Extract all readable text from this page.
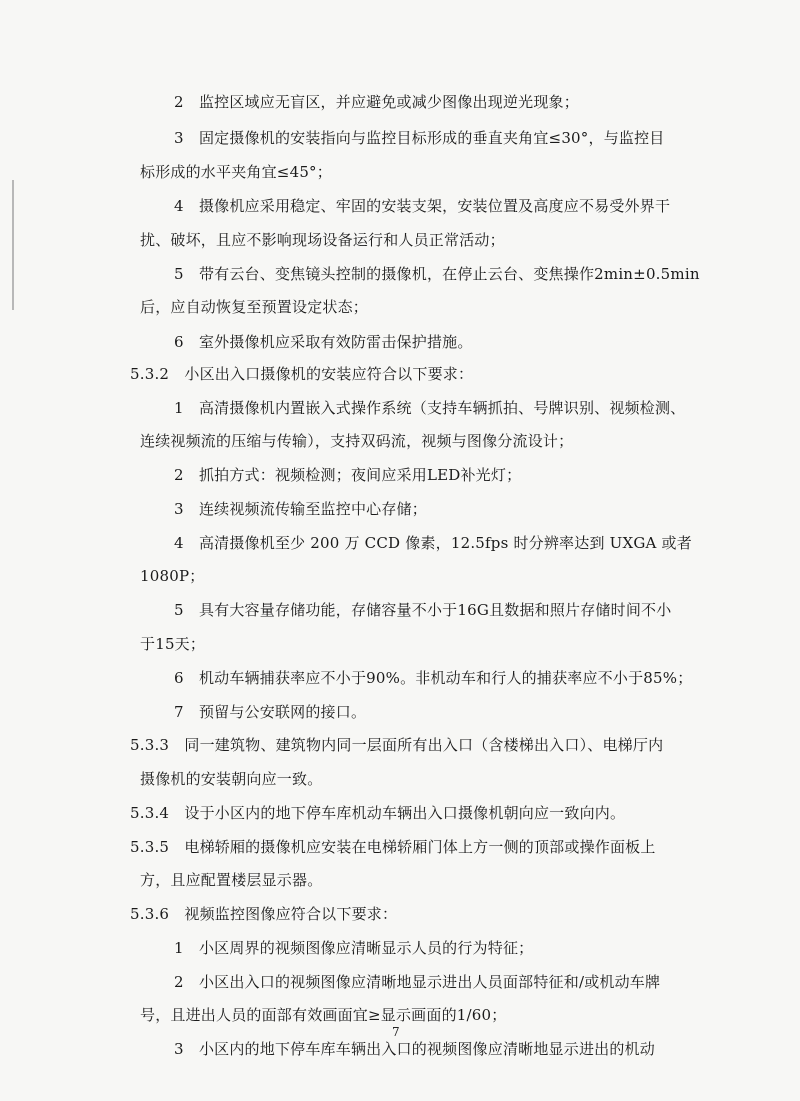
2　监控区域应无盲区，并应避免或减少图像出现逆光现象；
3　固定摄像机的安装指向与监控目标形成的垂直夹角宜≤30°，与监控目
标形成的水平夹角宜≤45°；
4　摄像机应采用稳定、牢固的安装支架，安装位置及高度应不易受外界干
扰、破坏，且应不影响现场设备运行和人员正常活动；
5　带有云台、变焦镜头控制的摄像机，在停止云台、变焦操作2min±0.5min
后，应自动恢复至预置设定状态；
6　室外摄像机应采取有效防雷击保护措施。
5.3.2　小区出入口摄像机的安装应符合以下要求：
1　高清摄像机内置嵌入式操作系统（支持车辆抓拍、号牌识别、视频检测、
连续视频流的压缩与传输），支持双码流，视频与图像分流设计；
2　抓拍方式：视频检测；夜间应采用LED补光灯；
3　连续视频流传输至监控中心存储；
4　高清摄像机至少 200 万 CCD 像素，12.5fps 时分辨率达到 UXGA 或者
1080P；
5　具有大容量存储功能，存储容量不小于16G且数据和照片存储时间不小
于15天；
6　机动车辆捕获率应不小于90%。非机动车和行人的捕获率应不小于85%；
7　预留与公安联网的接口。
5.3.3　同一建筑物、建筑物内同一层面所有出入口（含楼梯出入口）、电梯厅内
摄像机的安装朝向应一致。
5.3.4　设于小区内的地下停车库机动车辆出入口摄像机朝向应一致向内。
5.3.5　电梯轿厢的摄像机应安装在电梯轿厢门体上方一侧的顶部或操作面板上
方，且应配置楼层显示器。
5.3.6　视频监控图像应符合以下要求：
1　小区周界的视频图像应清晰显示人员的行为特征；
2　小区出入口的视频图像应清晰地显示进出人员面部特征和/或机动车牌
号，且进出人员的面部有效画面宜≥显示画面的1/60；
3　小区内的地下停车库车辆出入口的视频图像应清晰地显示进出的机动
7
